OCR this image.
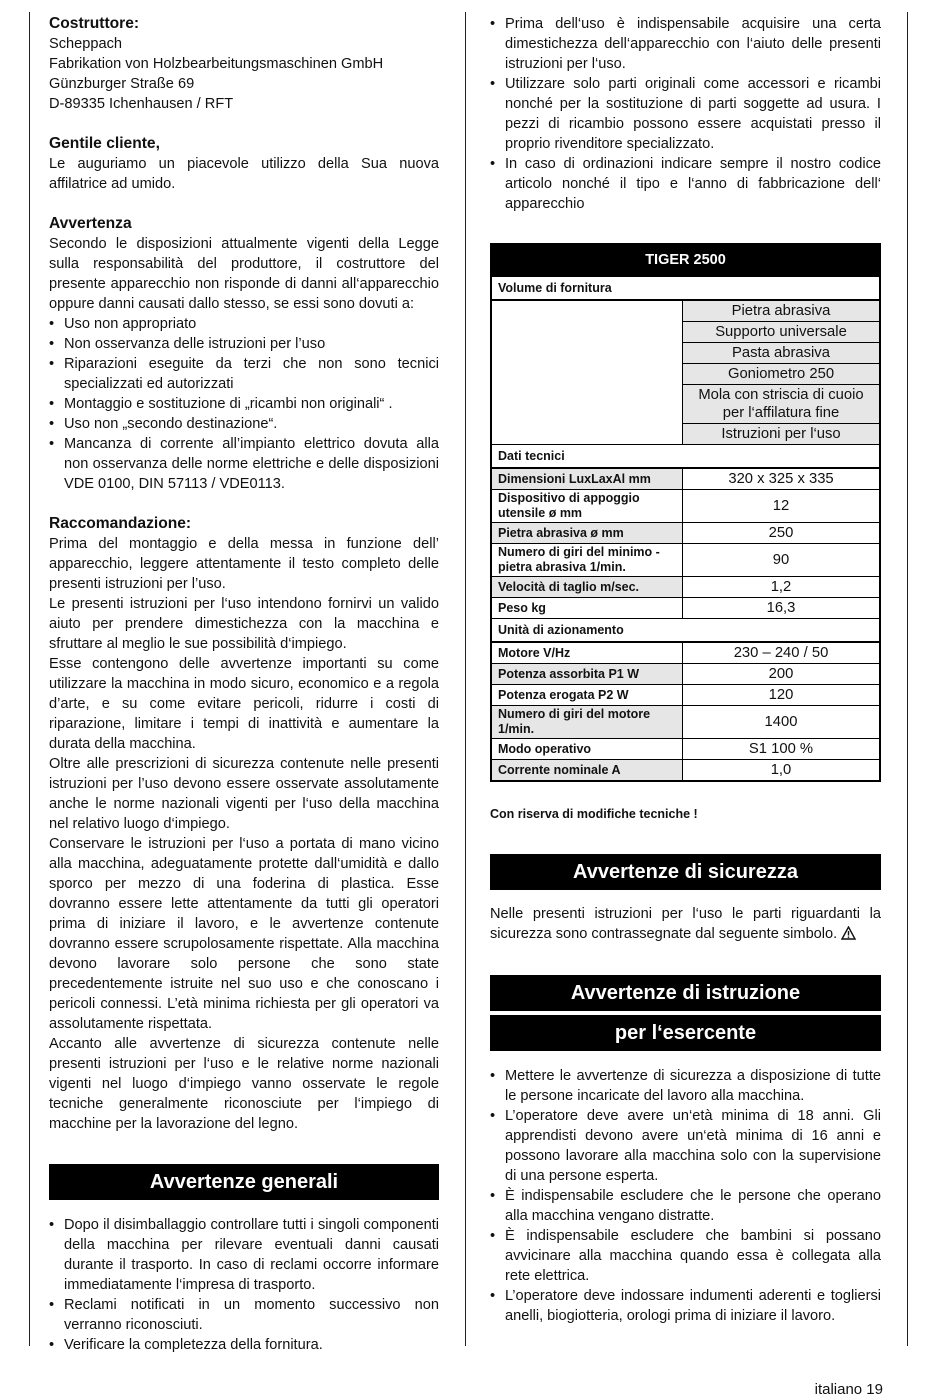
Costruttore:
Scheppach
Fabrikation von Holzbearbeitungsmaschinen GmbH
Günzburger Straße 69
D-89335 Ichenhausen / RFT
Gentile cliente,

Le auguriamo un piacevole utilizzo della Sua nuova affilatrice ad umido.

Avvertenza

Secondo le disposizioni attualmente vigenti della Legge sulla responsabilità del produttore, il costruttore del presente apparecchio non risponde di danni all‘apparecchio oppure danni causati dallo stesso, se essi sono dovuti a:

• Uso non appropriato
• Non osservanza delle istruzioni per l’uso
• Riparazioni eseguite da terzi che non sono tecnici specializzati ed autorizzati
• Montaggio e sostituzione di „ricambi non originali“ .
• Uso non „secondo destinazione“.
• Mancanza di corrente all’impianto elettrico dovuta alla non osservanza delle norme elettriche e delle disposizioni VDE 0100, DIN 57113 / VDE0113.
Raccomandazione:

Prima del montaggio e della messa in funzione dell’ apparecchio, leggere attentamente il testo completo delle presenti istruzioni per l’uso.

Le presenti istruzioni per l‘uso intendono fornirvi un valido aiuto per prendere dimestichezza con la macchina e sfruttare al meglio le sue possibilità d‘impiego.

Esse contengono delle avvertenze importanti su come utilizzare la macchina in modo sicuro, economico e a regola d’arte, e su come evitare pericoli, ridurre i costi di riparazione, limitare i tempi di inattività e aumentare la durata della macchina.

Oltre alle prescrizioni di sicurezza contenute nelle presenti istruzioni per l’uso devono essere osservate assolutamente anche le norme nazionali vigenti per l‘uso della macchina nel relativo luogo d‘impiego.

Conservare le istruzioni per l‘uso a portata di mano vicino alla macchina, adeguatamente protette dall‘umidità e dallo sporco per mezzo di una foderina di plastica. Esse dovranno essere lette attentamente da tutti gli operatori prima di iniziare il lavoro, e le avvertenze contenute dovranno essere scrupolosamente rispettate. Alla macchina devono lavorare solo persone che sono state precedentemente istruite nel suo uso e che conoscano i pericoli connessi. L’età minima richiesta per gli operatori va assolutamente rispettata.

Accanto alle avvertenze di sicurezza contenute nelle presenti istruzioni per l‘uso e le relative norme nazionali vigenti nel luogo d‘impiego vanno osservate le regole tecniche generalmente riconosciute per l‘impiego di macchine per la lavorazione del legno.

Avvertenze generali
• Dopo il disimballaggio controllare tutti i singoli componenti della macchina per rilevare eventuali danni causati durante il trasporto. In caso di reclami occorre informare immediatamente l‘impresa di trasporto.
• Reclami notificati in un momento successivo non verranno riconosciuti.
• Verificare la completezza della fornitura.
• Prima dell‘uso è indispensabile acquisire una certa dimestichezza dell‘apparecchio con l‘aiuto delle presenti istruzioni per l‘uso.
• Utilizzare solo parti originali come accessori e ricambi nonché per la sostituzione di parti soggette ad usura. I pezzi di ricambio possono essere acquistati presso il proprio rivenditore specializzato.
• In caso di ordinazioni indicare sempre il nostro codice articolo nonché il tipo e l‘anno di fabbricazione dell‘ apparecchio
TIGER 2500	
Volume di fornitura	
	Pietra abrasiva
	Supporto universale
	Pasta abrasiva
	Goniometro 250
	Mola con striscia di cuoio per l‘affilatura fine
	Istruzioni per l‘uso
Dati tecnici	
Dimensioni LuxLaxAl mm	320 x 325 x 335
Dispositivo di appoggio utensile ø mm	12
Pietra abrasiva ø mm	250
Numero di giri del minimo - pietra abrasiva 1/min.	90
Velocità di taglio m/sec.	1,2
Peso kg	16,3
Unità di azionamento	
Motore V/Hz	230 – 240 / 50
Potenza assorbita P1 W	200
Potenza erogata P2 W	120
Numero di giri del motore 1/min.	1400
Modo operativo	S1 100 %
Corrente nominale A	1,0
Con riserva di modifiche tecniche !
Avvertenze di sicurezza

Nelle presenti istruzioni per l‘uso le parti riguardanti la sicurezza sono contrassegnate dal seguente simbolo.

Avvertenze di istruzione
per l‘esercente
• Mettere le avvertenze di sicurezza a disposizione di tutte le persone incaricate del lavoro alla macchina.
• L’operatore deve avere un‘età minima di 18 anni. Gli apprendisti devono avere un‘età minima di 16 anni e possono lavorare alla macchina solo con la supervisione di una persone esperta.
• È indispensabile escludere che le persone che operano alla macchina vengano distratte.
• È indispensabile escludere che bambini si possano avvicinare alla macchina quando essa è collegata alla rete elettrica.
• L’operatore deve indossare indumenti aderenti e togliersi anelli, biogiotteria, orologi prima di iniziare il lavoro.
italiano 19
